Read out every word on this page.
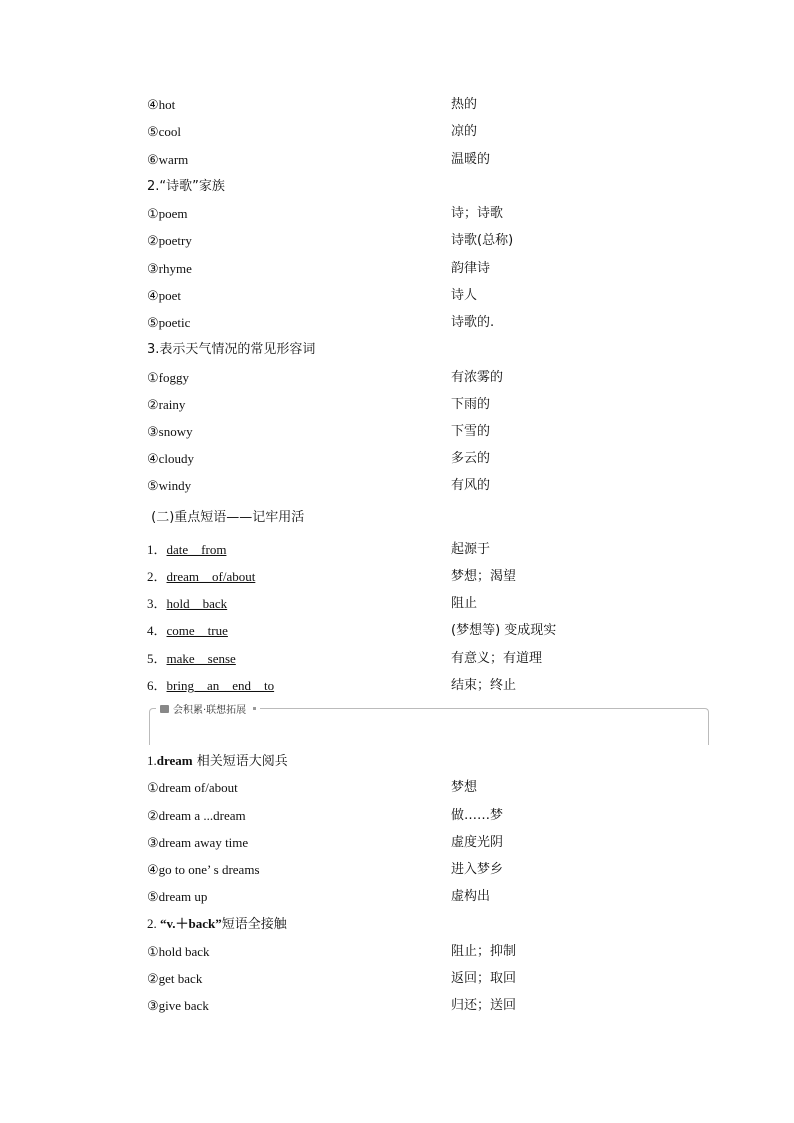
会积累·联想拓展
④hot	热的
⑤cool	凉的
⑥warm	温暖的
2.“诗歌”家族
①poem	诗；诗歌
②poetry	诗歌(总称)
③rhyme	韵律诗
④poet	诗人
⑤poetic	诗歌的.
3.表示天气情况的常见形容词
①foggy	有浓雾的
②rainy	下雨的
③snowy	下雪的
④cloudy	多云的
⑤windy	有风的
(二)重点短语——记牢用活
1．date__from	起源于
2．dream__of/about	梦想；渴望
3．hold__back	阻止
4．come__true	(梦想等) 变成现实
5．make__sense	有意义；有道理
6．bring__an__end__to	结束；终止
1.dream 相关短语大阅兵
①dream of/about	梦想
②dream a ...dream	做……梦
③dream away time	虚度光阴
④go to one’ s dreams	进入梦乡
⑤dream up	虚构出
2. “v.＋back”短语全接触
①hold back	阻止；抑制
②get back	返回；取回
③give back	归还；送回
